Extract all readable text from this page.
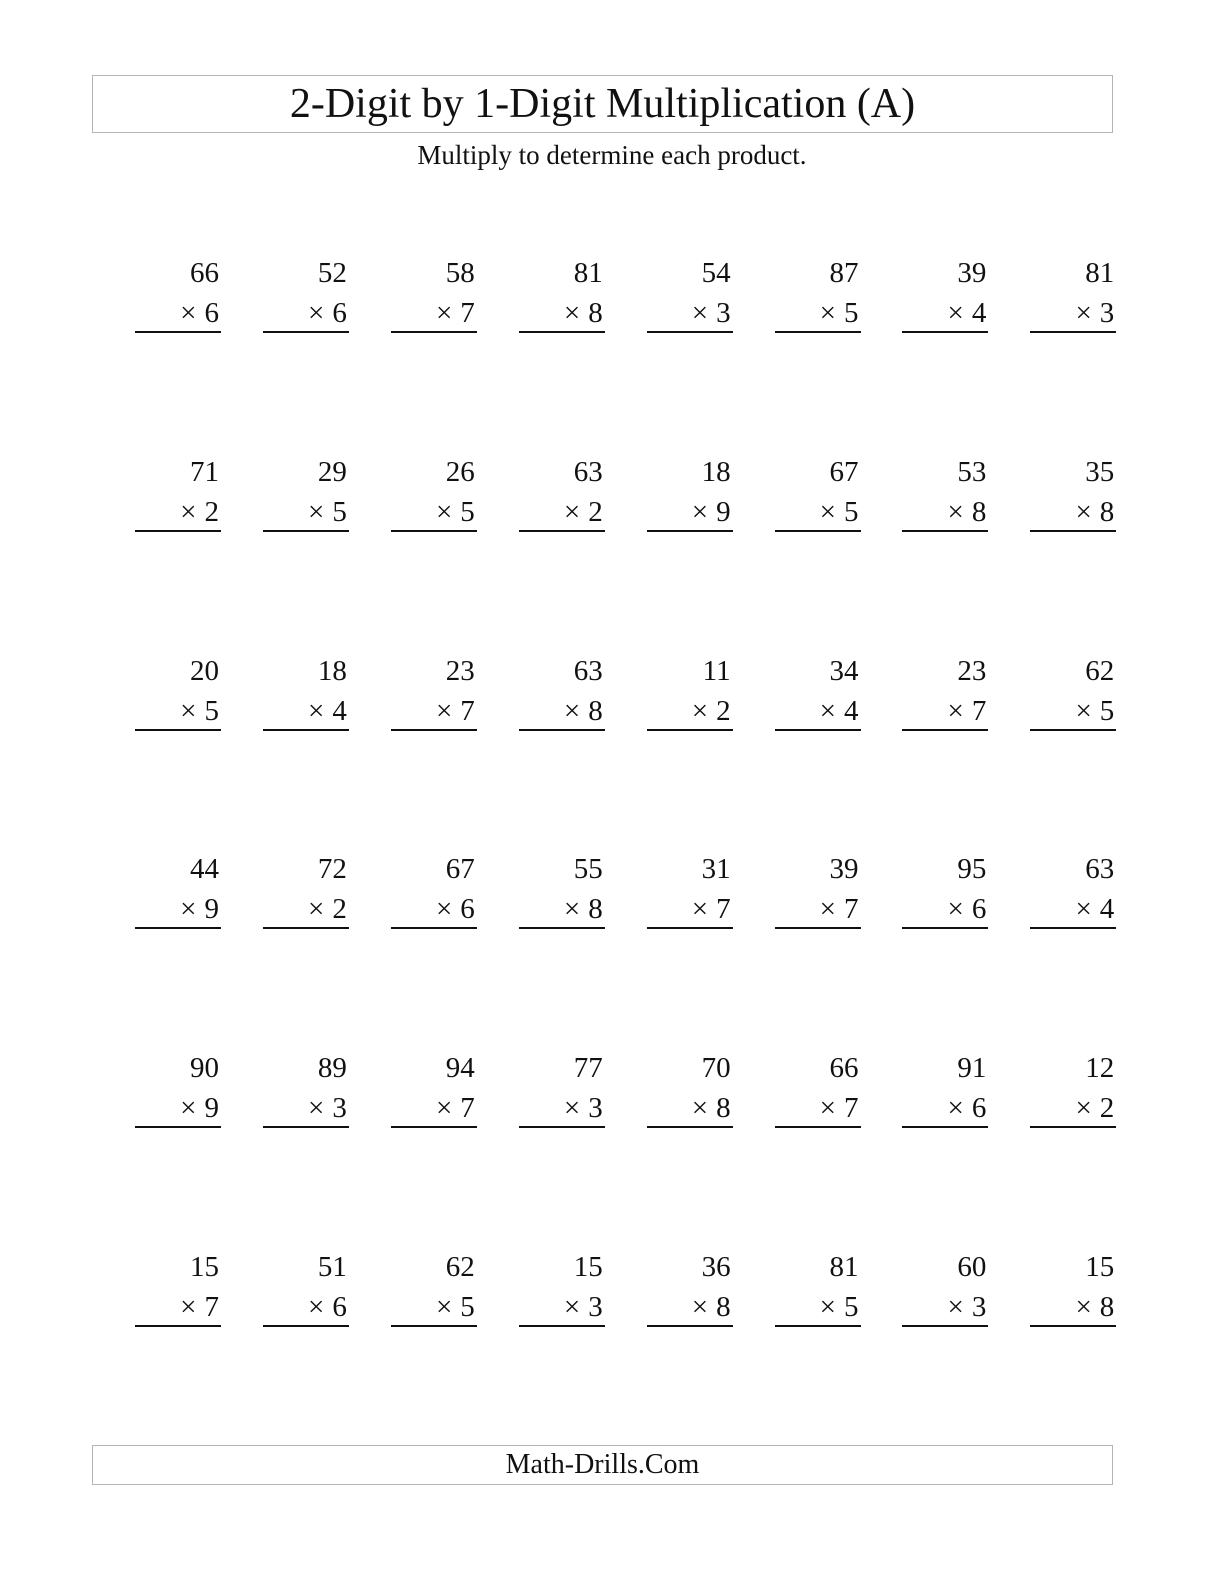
2-Digit by 1-Digit Multiplication (A)
Multiply to determine each product.
66
× 6
52
× 6
58
× 7
81
× 8
54
× 3
87
× 5
39
× 4
81
× 3
71
× 2
29
× 5
26
× 5
63
× 2
18
× 9
67
× 5
53
× 8
35
× 8
20
× 5
18
× 4
23
× 7
63
× 8
11
× 2
34
× 4
23
× 7
62
× 5
44
× 9
72
× 2
67
× 6
55
× 8
31
× 7
39
× 7
95
× 6
63
× 4
90
× 9
89
× 3
94
× 7
77
× 3
70
× 8
66
× 7
91
× 6
12
× 2
15
× 7
51
× 6
62
× 5
15
× 3
36
× 8
81
× 5
60
× 3
15
× 8
Math-Drills.Com
